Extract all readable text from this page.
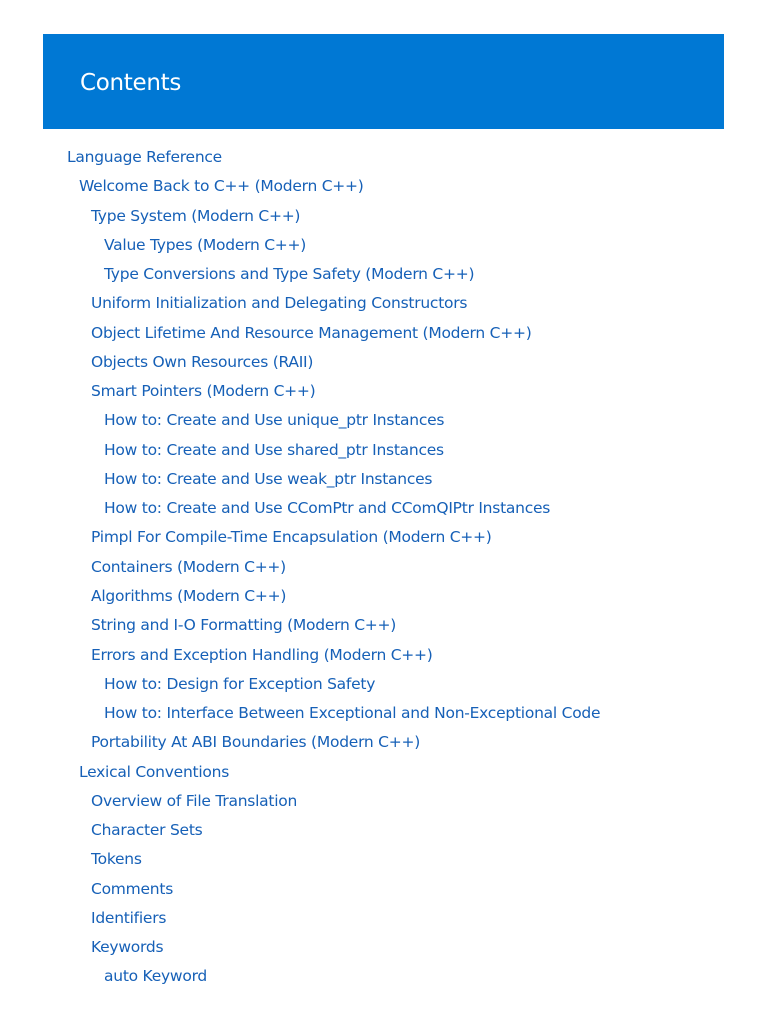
Contents
Language Reference
Welcome Back to C++ (Modern C++)
Type System (Modern C++)
Value Types (Modern C++)
Type Conversions and Type Safety (Modern C++)
Uniform Initialization and Delegating Constructors
Object Lifetime And Resource Management (Modern C++)
Objects Own Resources (RAII)
Smart Pointers (Modern C++)
How to: Create and Use unique_ptr Instances
How to: Create and Use shared_ptr Instances
How to: Create and Use weak_ptr Instances
How to: Create and Use CComPtr and CComQIPtr Instances
Pimpl For Compile-Time Encapsulation (Modern C++)
Containers (Modern C++)
Algorithms (Modern C++)
String and I-O Formatting (Modern C++)
Errors and Exception Handling (Modern C++)
How to: Design for Exception Safety
How to: Interface Between Exceptional and Non-Exceptional Code
Portability At ABI Boundaries (Modern C++)
Lexical Conventions
Overview of File Translation
Character Sets
Tokens
Comments
Identifiers
Keywords
auto Keyword
